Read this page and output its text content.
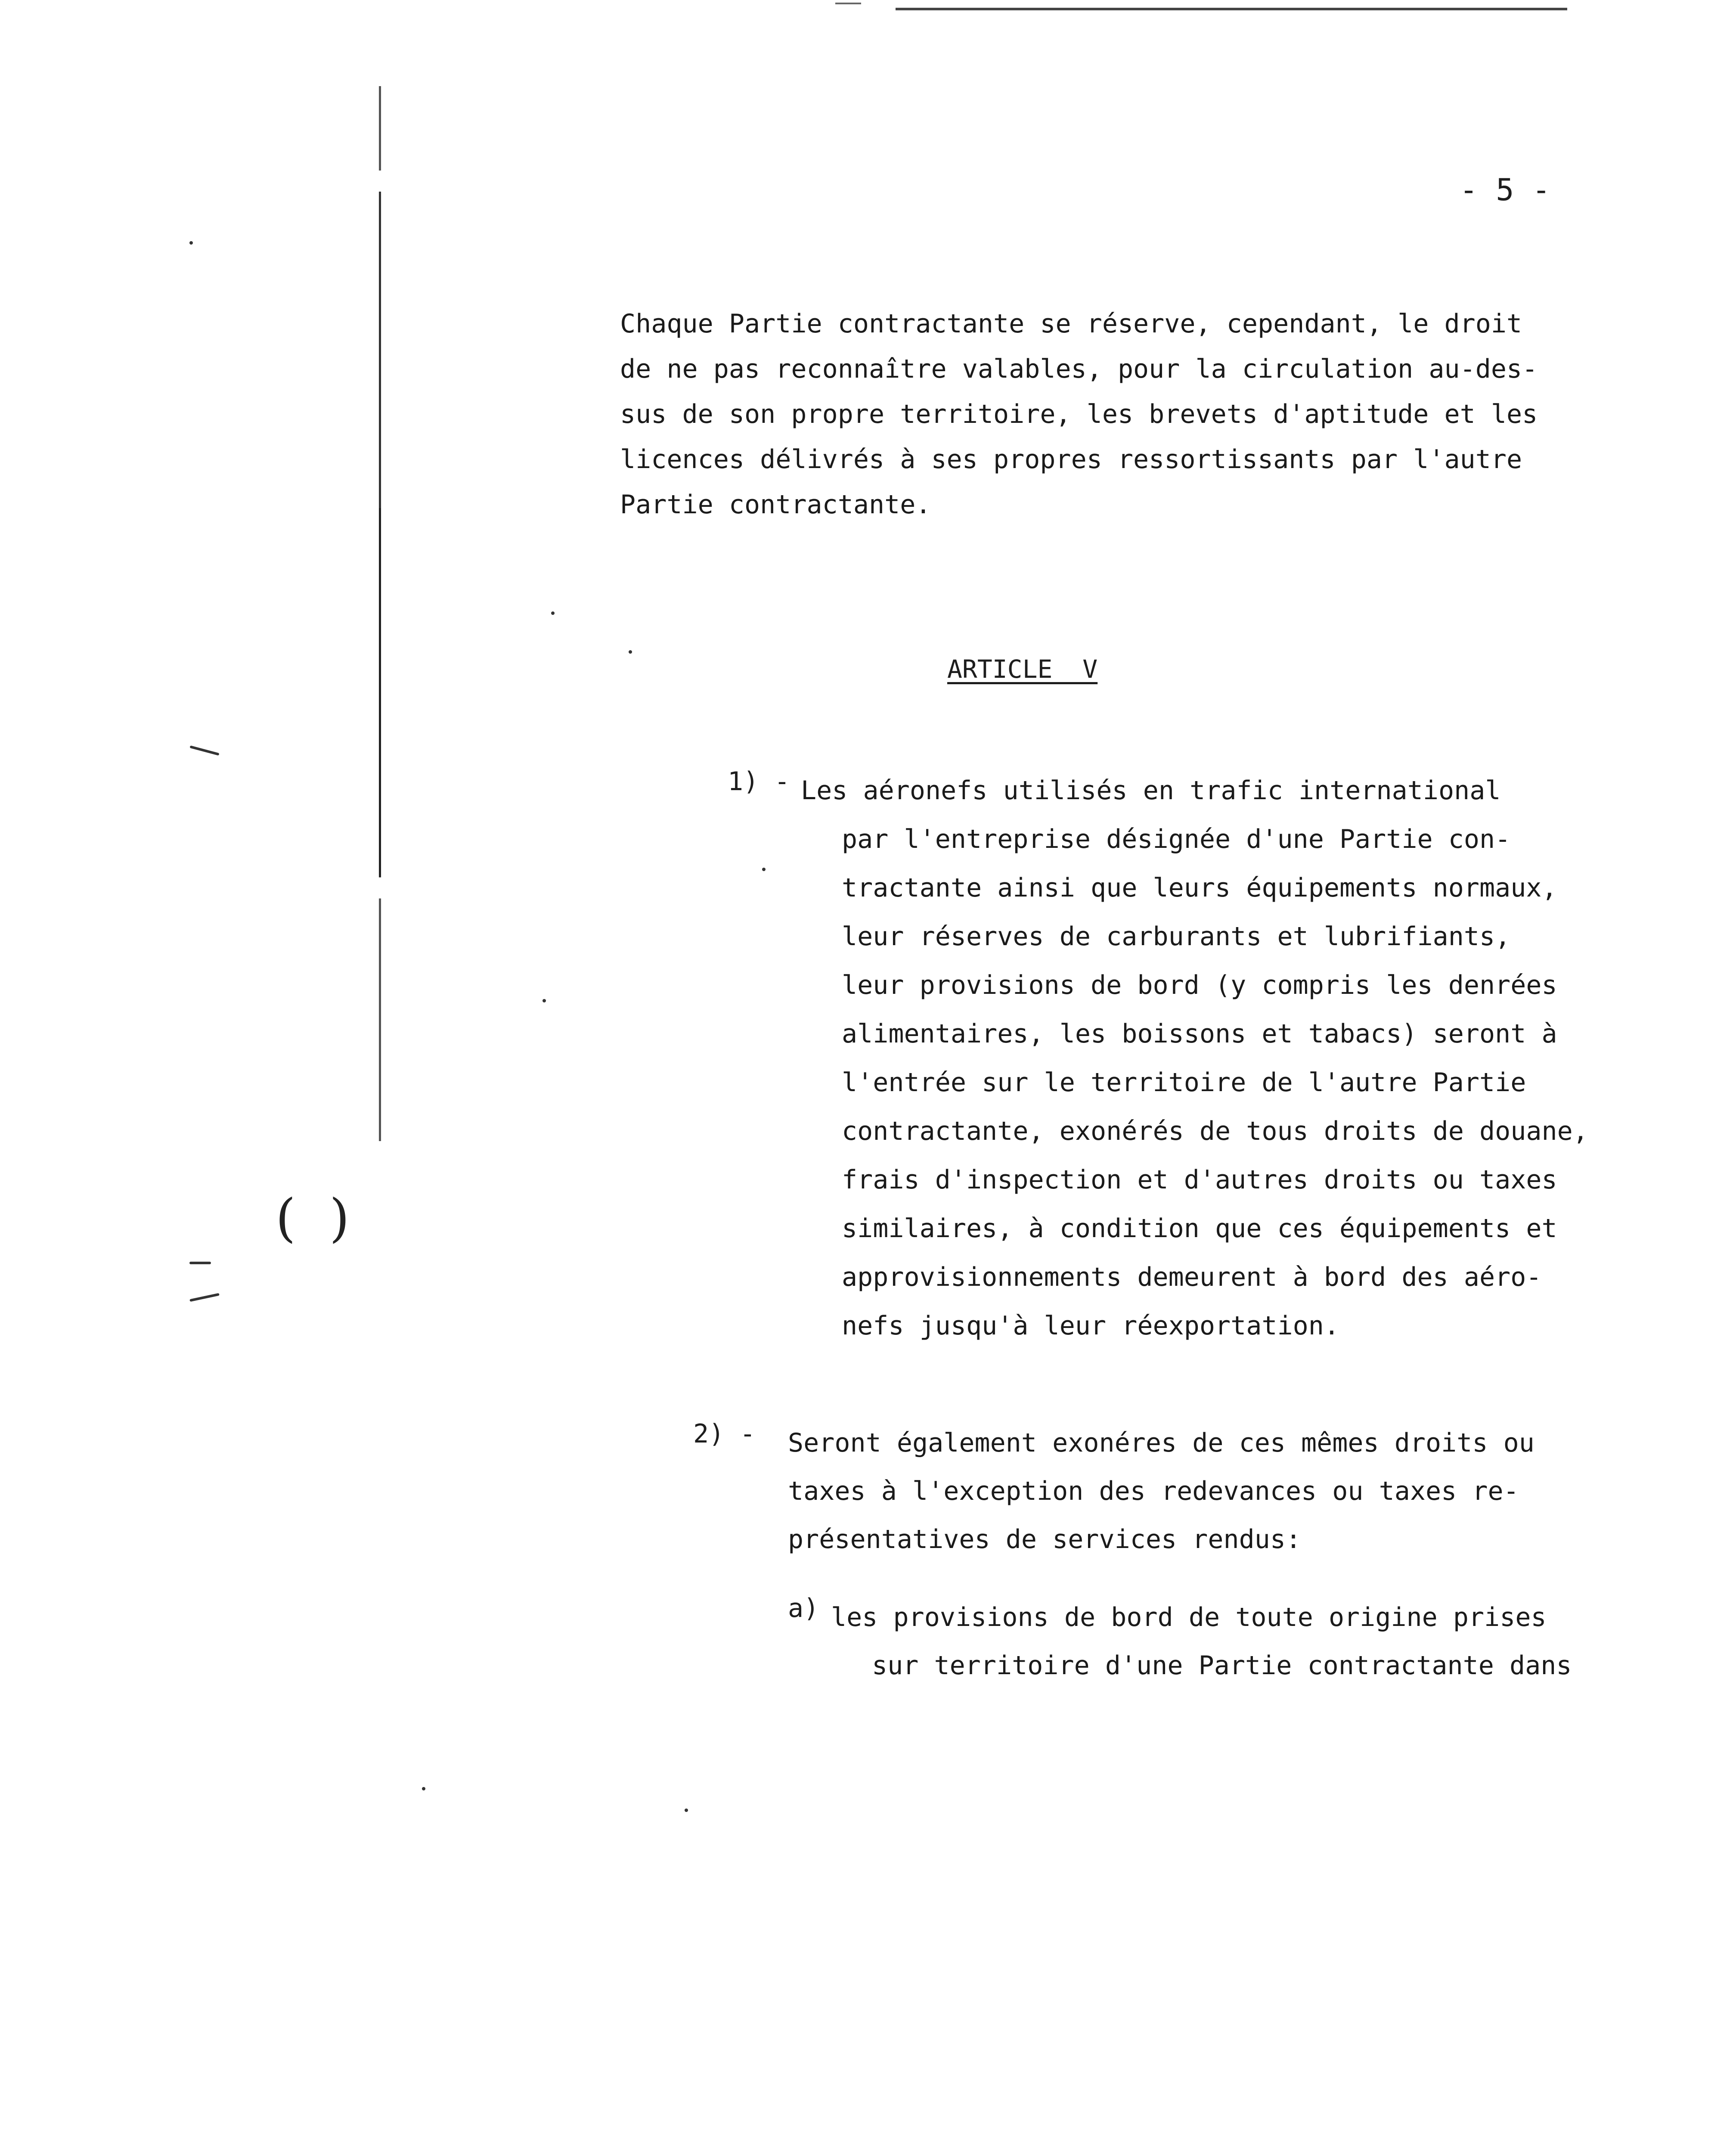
( )
- 5 -
Chaque Partie contractante se réserve, cependant, le droit
de ne pas reconnaître valables, pour la circulation au-des-
sus de son propre territoire, les brevets d'aptitude et les
licences délivrés à ses propres ressortissants par l'autre
Partie contractante.
ARTICLE  V
1) - Les aéronefs utilisés en trafic international
par l'entreprise désignée d'une Partie con-
tractante ainsi que leurs équipements normaux,
leur réserves de carburants et lubrifiants,
leur provisions de bord (y compris les denrées
alimentaires, les boissons et tabacs) seront à
l'entrée sur le territoire de l'autre Partie
contractante, exonérés de tous droits de douane,
frais d'inspection et d'autres droits ou taxes
similaires, à condition que ces équipements et
approvisionnements demeurent à bord des aéro-
nefs jusqu'à leur réexportation.
2) - Seront également exonéres de ces mêmes droits ou
taxes à l'exception des redevances ou taxes re-
présentatives de services rendus:
a) les provisions de bord de toute origine prises
sur territoire d'une Partie contractante dans
